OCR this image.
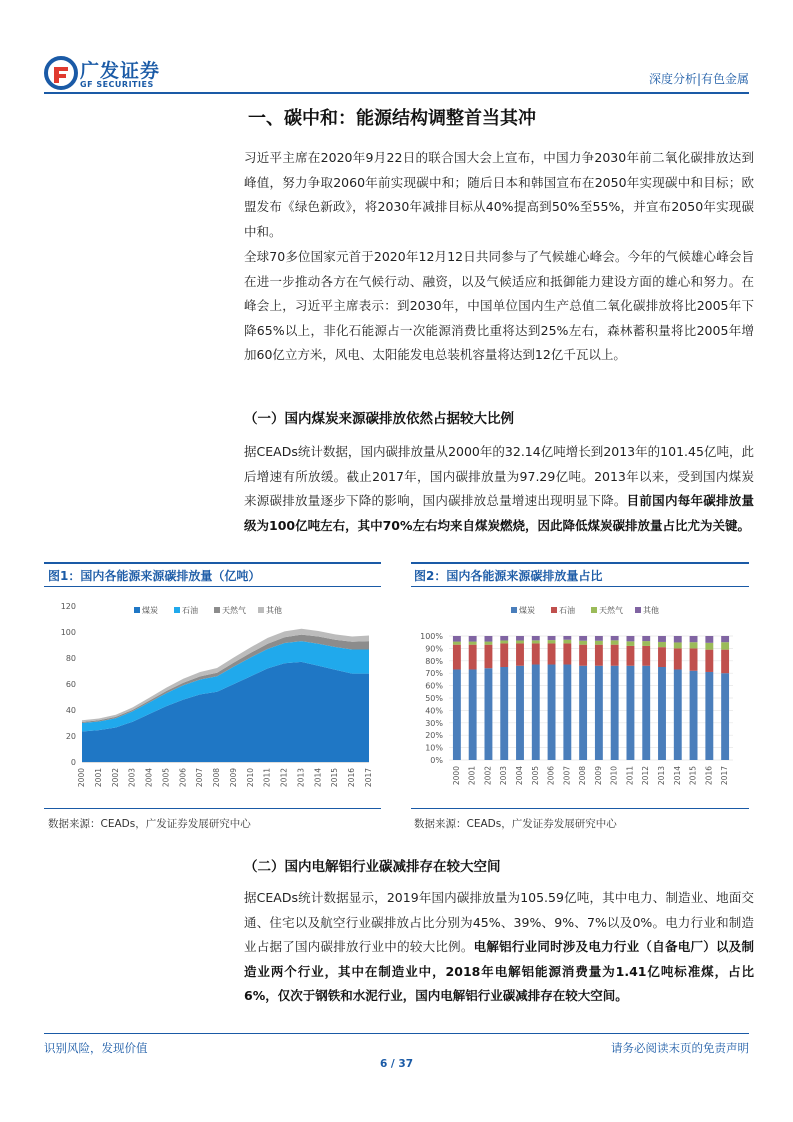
广发证券
GF SECURITIES	深度分析|有色金属
一、碳中和：能源结构调整首当其冲
习近平主席在2020年9月22日的联合国大会上宣布，中国力争2030年前二氧化碳排放达到峰值，努力争取2060年前实现碳中和；随后日本和韩国宣布在2050年实现碳中和目标；欧盟发布《绿色新政》，将2030年减排目标从40%提高到50%至55%，并宣布2050年实现碳中和。
全球70多位国家元首于2020年12月12日共同参与了气候雄心峰会。今年的气候雄心峰会旨在进一步推动各方在气候行动、融资，以及气候适应和抵御能力建设方面的雄心和努力。在峰会上，习近平主席表示：到2030年，中国单位国内生产总值二氧化碳排放将比2005年下降65%以上，非化石能源占一次能源消费比重将达到25%左右，森林蓄积量将比2005年增加60亿立方米，风电、太阳能发电总装机容量将达到12亿千瓦以上。
（一）国内煤炭来源碳排放依然占据较大比例
据CEADs统计数据，国内碳排放量从2000年的32.14亿吨增长到2013年的101.45亿吨，此后增速有所放缓。截止2017年，国内碳排放量为97.29亿吨。2013年以来，受到国内煤炭来源碳排放量逐步下降的影响，国内碳排放总量增速出现明显下降。目前国内每年碳排放量级为100亿吨左右，其中70%左右均来自煤炭燃烧，因此降低煤炭碳排放量占比尤为关键。
图1：国内各能源来源碳排放量（亿吨）
0
20
40
60
80
100
120
2000 2001 2002 2003 2004 2005 2006 2007 2008 2009 2010 2011 2012 2013 2014 2015 2016 2017
煤炭	石油	天然气	其他
数据来源：CEADs，广发证券发展研究中心
图2：国内各能源来源碳排放量占比
0%
10%
20%
30%
40%
50%
60%
70%
80%
90%
100%
2000 2001 2002 2003 2004 2005 2006 2007 2008 2009 2010 2011 2012 2013 2014 2015 2016 2017
煤炭	石油	天然气	其他
数据来源：CEADs，广发证券发展研究中心
（二）国内电解铝行业碳减排存在较大空间
据CEADs统计数据显示，2019年国内碳排放量为105.59亿吨，其中电力、制造业、地面交通、住宅以及航空行业碳排放占比分别为45%、39%、9%、7%以及0%。电力行业和制造业占据了国内碳排放行业中的较大比例。电解铝行业同时涉及电力行业（自备电厂）以及制造业两个行业，其中在制造业中，2018年电解铝能源消费量为1.41亿吨标准煤，占比6%，仅次于钢铁和水泥行业，国内电解铝行业碳减排存在较大空间。
识别风险，发现价值	请务必阅读末页的免责声明
6 / 37
